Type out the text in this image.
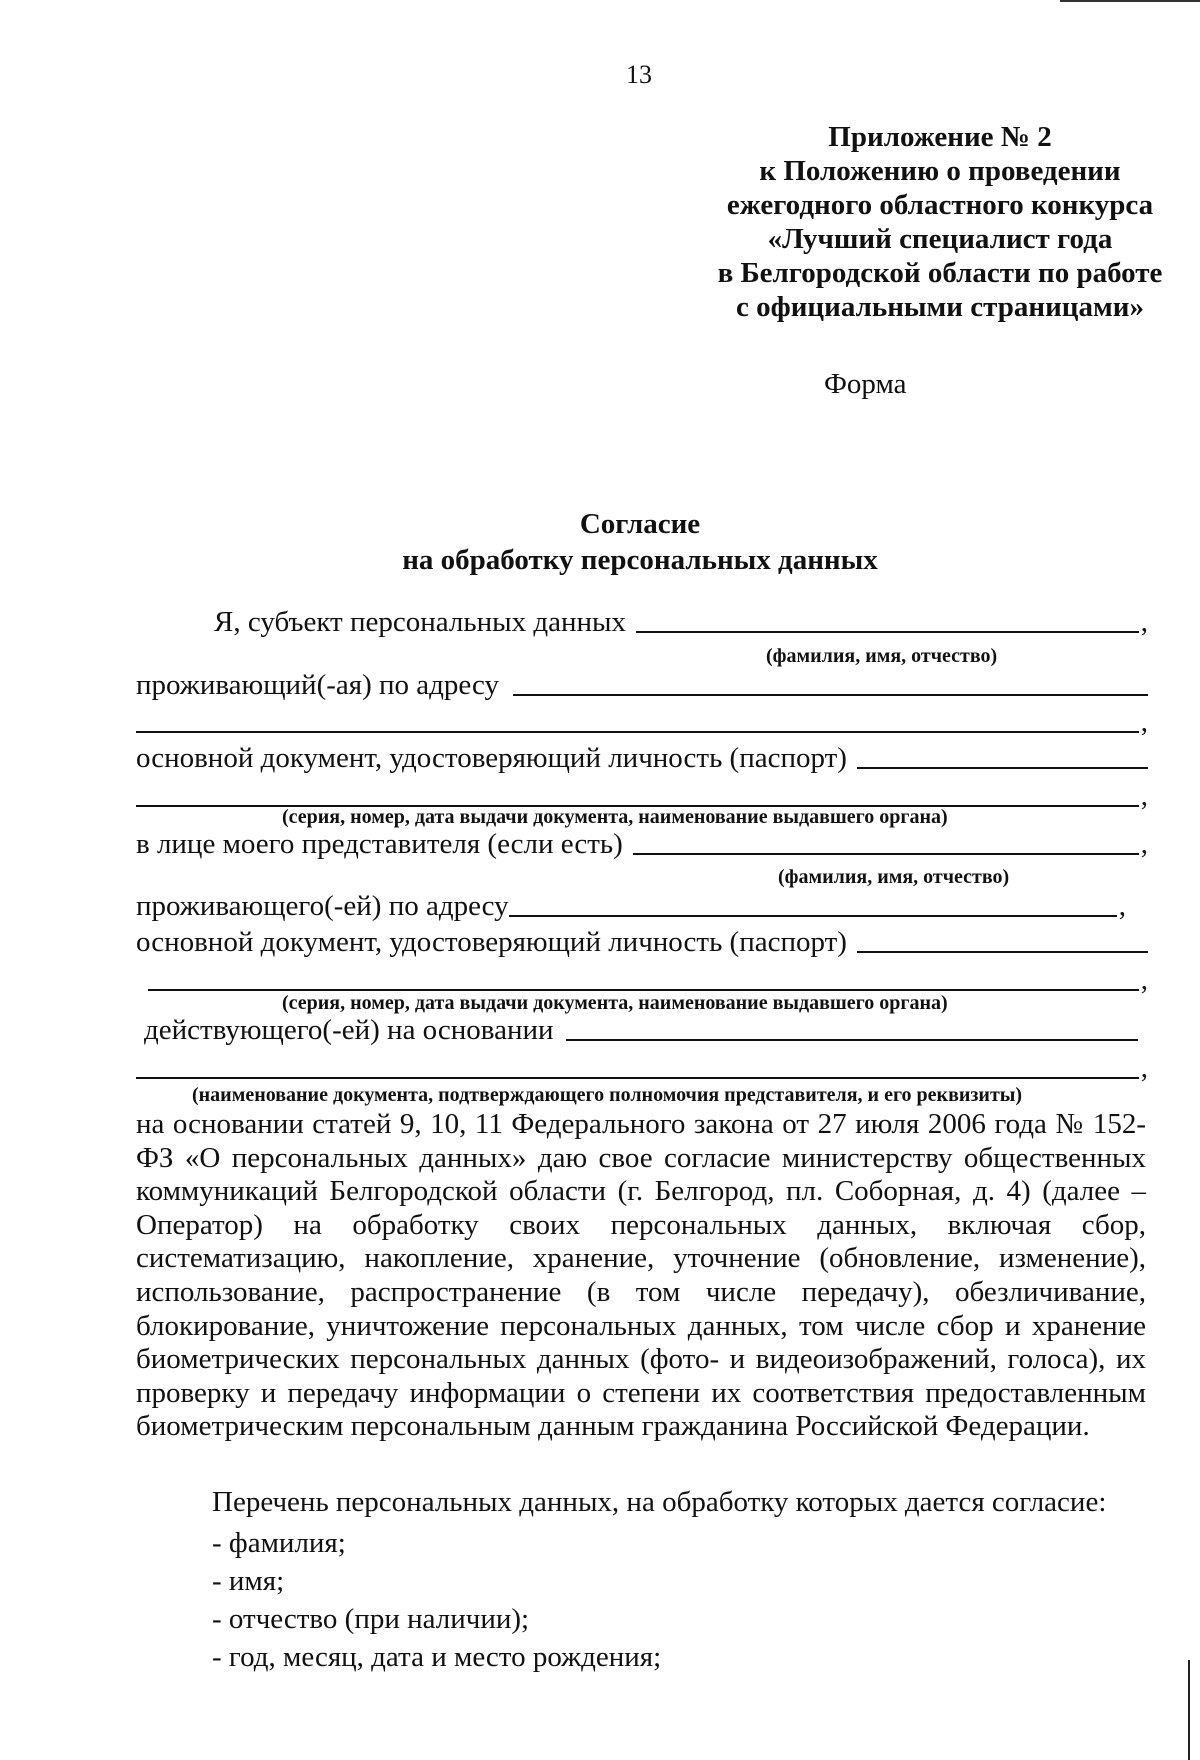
13
Приложение № 2
к Положению о проведении
ежегодного областного конкурса
«Лучший специалист года
в Белгородской области по работе
с официальными страницами»
Форма
Согласие
на обработку персональных данных
Я, субъект персональных данных	,
(фамилия, имя, отчество)
проживающий(-ая) по адресу
,
основной документ, удостоверяющий личность (паспорт)
,
(серия, номер, дата выдачи документа, наименование выдавшего органа)
в лице моего представителя (если есть)	,
(фамилия, имя, отчество)
проживающего(-ей) по адресу	,
основной документ, удостоверяющий личность (паспорт)
,
(серия, номер, дата выдачи документа, наименование выдавшего органа)
действующего(-ей) на основании
,
(наименование документа, подтверждающего полномочия представителя, и его реквизиты)
на основании статей 9, 10, 11 Федерального закона от 27 июля 2006 года № 152-ФЗ «О персональных данных» даю свое согласие министерству общественных коммуникаций Белгородской области (г. Белгород, пл. Соборная, д. 4) (далее – Оператор) на обработку своих персональных данных, включая сбор, систематизацию, накопление, хранение, уточнение (обновление, изменение), использование, распространение (в том числе передачу), обезличивание, блокирование, уничтожение персональных данных, том числе сбор и хранение биометрических персональных данных (фото- и видеоизображений, голоса), их проверку и передачу информации о степени их соответствия предоставленным биометрическим персональным данным гражданина Российской Федерации.
Перечень персональных данных, на обработку которых дается согласие:
- фамилия;
- имя;
- отчество (при наличии);
- год, месяц, дата и место рождения;
